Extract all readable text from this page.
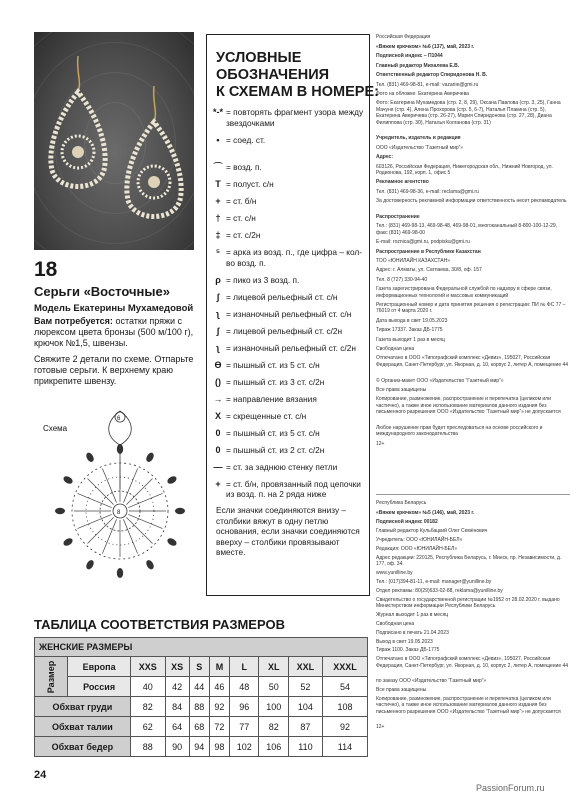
18
Серьги «Восточные»
Модель Екатерины Мухамедовой
Вам потребуется: остатки пряжи с люрексом цвета бронзы (500 м/100 г), крючок №1,5, швензы.
Свяжите 2 детали по схеме. Отпарьте готовые серьги. К верхнему краю прикрепите швензу.
Схема
6
8
УСЛОВНЫЕ
ОБОЗНАЧЕНИЯ
К СХЕМАМ В НОМЕРЕ:
*-* = повторять фрагмент узора между звездочками
• = соед. ст.
⌒ = возд. п.
T = полуст. с/н
+ = ст. б/н
† = ст. с/н
‡ = ст. с/2н
⁵ = арка из возд. п., где цифра – кол-во возд. п.
ρ = пико из 3 возд. п.
ʃ = лицевой рельефный ст. с/н
ʅ = изнаночный рельефный ст. с/н
ʃ = лицевой рельефный ст. с/2н
ʅ = изнаночный рельефный ст. с/2н
Ɵ = пышный ст. из 5 ст. с/н
() = пышный ст. из 3 ст. с/2н
→ = направление вязания
X = скрещенные ст. с/н
0 = пышный ст. из 5 ст. с/н
0 = пышный ст. из 2 ст. с/2н
— = ст. за заднюю стенку петли
+ = ст. б/н, провязанный под цепочки из возд. п. на 2 ряда ниже
Если значки соединяются внизу – столбики вяжут в одну петлю основания, если значки соединяются вверху – столбики провязывают вместе.
Российская Федерация
«Вяжем крючком» №6 (137), май, 2023 г.
Подписной индекс – П1044
Главный редактор Михалева Е.В.
Ответственный редактор Спиридонова Н. В.
Тел. (831) 469-98-81, e-mail: vazanie@gmi.ru
Фото на обложке: Екатерина Аверичева
Фото: Екатерина Мухамедова (стр. 2, 8, 29), Оксана Павлова (стр. 3, 25), Ганна Мачуня (стр. 4), Алена Прохорова (стр. 5, 6-7), Наталья Плакина (стр. 5), Екатерина Аверичева (стр. 26-27), Мария Спиридонова (стр. 27, 28), Диана Филиппова (стр. 30), Наталья Колганова (стр. 31)
Учредитель, издатель и редакция
ООО «Издательство “Газетный мир”»
Адрес:
603126, Российская Федерация, Нижегородская обл., Нижний Новгород, ул. Родионова, 192, корп. 1, офис 5
Рекламное агентство
Тел. (831) 469-98-36, e-mail: reclama@gmi.ru
За достоверность рекламной информации ответственность несет рекламодатель
Распространение
Тел.: (831) 469-98-13, 469-98-48, 469-98-01, многоканальный 8-800-100-12-29, факс (831) 469-98-00
E-mail: rozniсa@gmi.ru, podpiska@gmi.ru
Распространение в Республике Казахстан
ТОО «ЮНИЛАЙН КАЗАХСТАН»
Адрес: г. Алматы, ул. Сатпаева, 30/8, оф. 157
Тел. 8 (727) 330-94-40
Газета зарегистрирована Федеральной службой по надзору в сфере связи, информационных технологий и массовых коммуникаций
Регистрационный номер и дата принятия решения о регистрации: ПИ № ФС 77 – 76019 от 4 марта 2020 г.
Дата выхода в свет 19.05.2023
Тираж 17337. Заказ ДБ-1775
Газета выходит 1 раз в месяц
Свободная цена
Отпечатано в ООО «Типографский комплекс «Девиз», 195027, Российская Федерация, Санкт-Петербург, ул. Якорная, д. 10, корпус 2, литер А, помещение 44
© Организ-макет ООО «Издательство “Газетный мир”»
Все права защищены
Копирование, размножение, распространение и перепечатка (целиком или частично), а также иное использование материалов данного издания без письменного разрешения ООО «Издательство “Газетный мир”» не допускается
Любое нарушение прав будет преследоваться на основе российского и международного законодательства
12+
Республика Беларусь
«Вяжем крючком» №5 (146), май, 2023 г.
Подписной индекс 00182
Главный редактор Кульбацкий Олег Семёнович
Учредитель: ООО «ЮНИЛАЙН-БЕЛ»
Редакция: ООО «ЮНИЛАЙН-БЕЛ»
Адрес редакции: 220125, Республика Беларусь, г. Минск, пр. Независимости, д. 177, оф. 34.
www.yunilline.by
Тел.: (017)394-81-11, e-mail: manager@yunilline.by
Отдел рекламы: 80(29)633-02-88, reklama@yunilline.by
Свидетельство о государственной регистрации №1952 от 28.02.2020 г. выдано Министерством информации Республики Беларусь
Журнал выходит 1 раз в месяц
Свободная цена
Подписано в печать 21.04.2023
Выход в свет 19.05.2023
Тираж 1100. Заказ ДБ-1775
Отпечатано в ООО «Типографский комплекс «Девиз», 195027, Российская Федерация, Санкт-Петербург, ул. Якорная, д. 10, корпус 2, литер А, помещение 44
по заказу ООО «Издательство “Газетный мир”»
Все права защищены
Копирование, размножение, распространение и перепечатка (целиком или частично), а также иное использование материалов данного издания без письменного разрешения ООО «Издательство “Газетный мир”» не допускается
12+
ТАБЛИЦА СООТВЕТСТВИЯ РАЗМЕРОВ
ЖЕНСКИЕ РАЗМЕРЫ									

Размер	Европа	XXS	XS	S	M	L	XL	XXL	XXXL
	Россия	40	42	44	46	48	50	52	54
Обхват груди		82	84	88	92	96	100	104	108
Обхват талии		62	64	68	72	77	82	87	92
Обхват бедер		88	90	94	98	102	106	110	114
24
PassionForum.ru
